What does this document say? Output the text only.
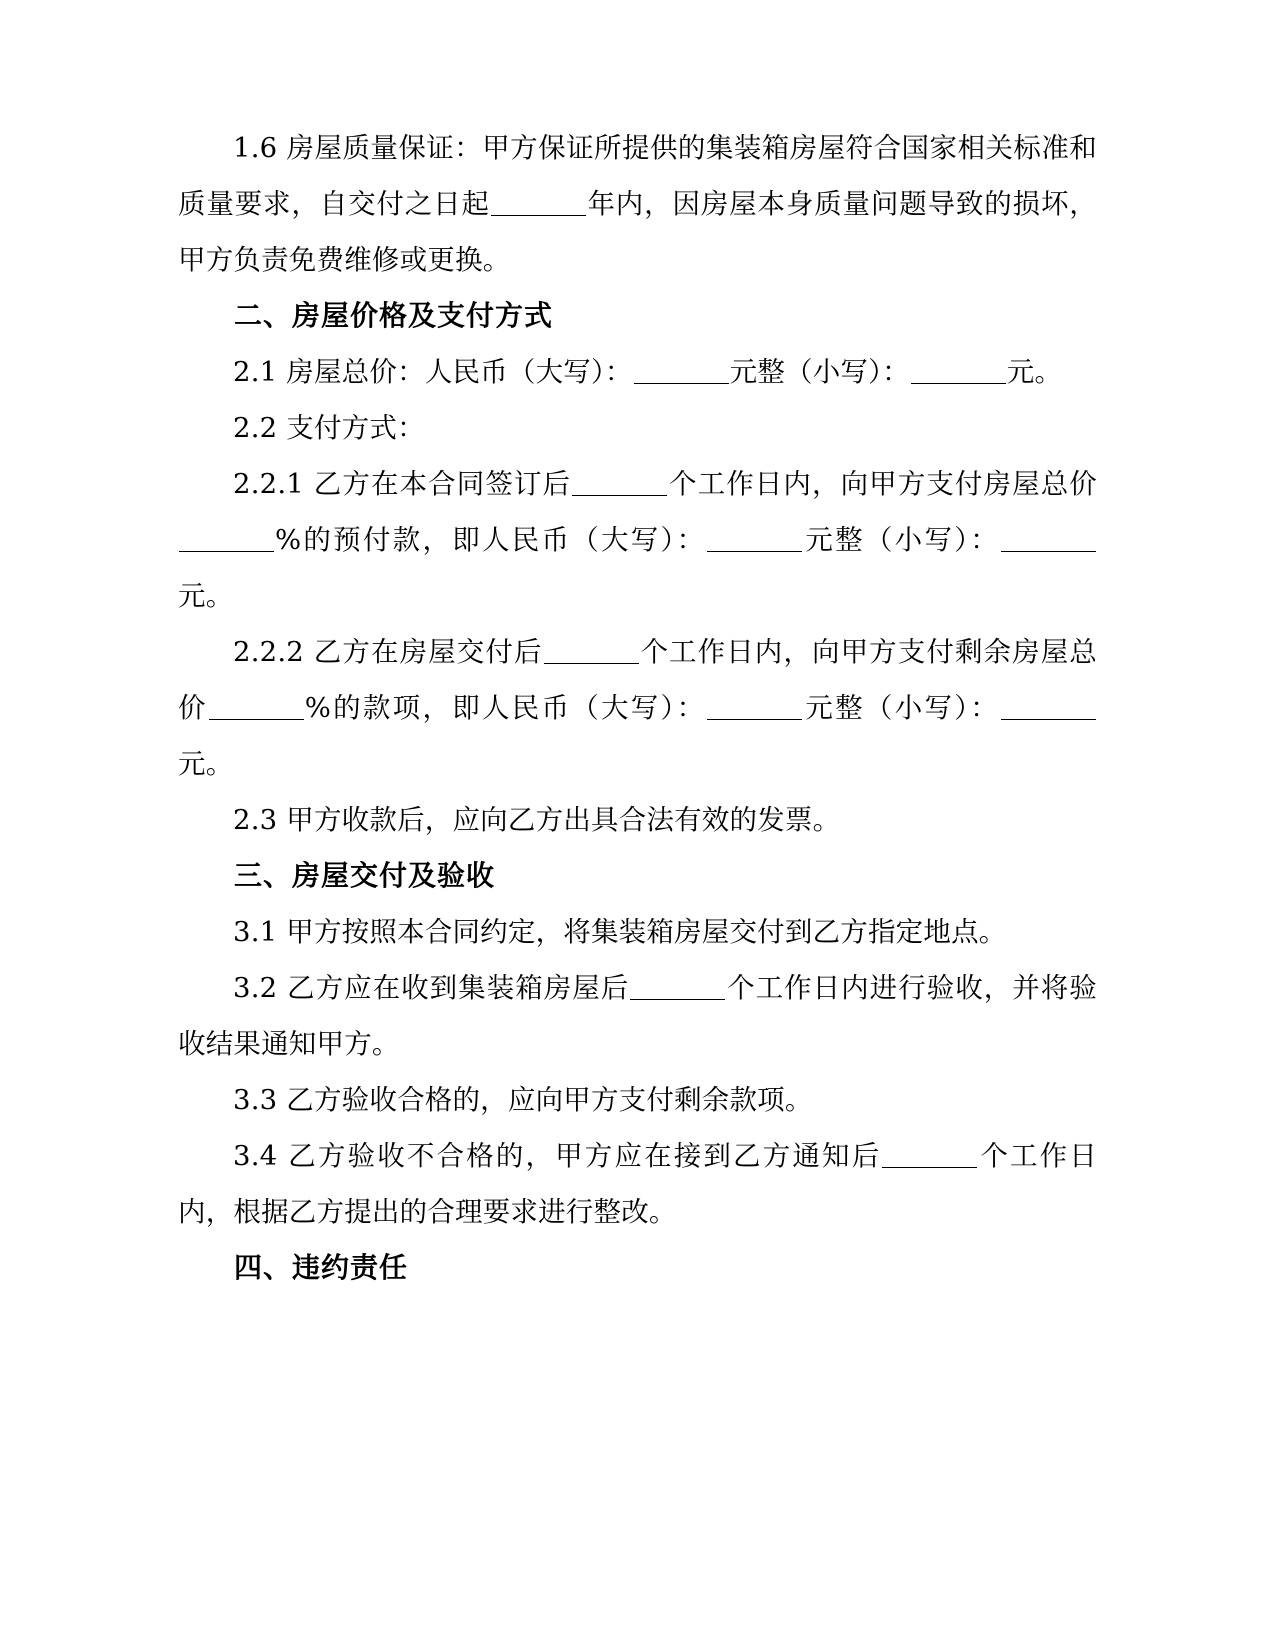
1.6 房屋质量保证：甲方保证所提供的集装箱房屋符合国家相关标准和质量要求，自交付之日起	年内，因房屋本身质量问题导致的损坏，甲方负责免费维修或更换。

二、房屋价格及支付方式

2.1 房屋总价：人民币（大写）：	元整（小写）：	元。

2.2 支付方式：

2.2.1 乙方在本合同签订后	个工作日内，向甲方支付房屋总价%的预付款，即人民币（大写）：	元整（小写）：元。

2.2.2 乙方在房屋交付后	个工作日内，向甲方支付剩余房屋总价	%的款项，即人民币（大写）：	元整（小写）：元。

2.3 甲方收款后，应向乙方出具合法有效的发票。

三、房屋交付及验收

3.1 甲方按照本合同约定，将集装箱房屋交付到乙方指定地点。

3.2 乙方应在收到集装箱房屋后	个工作日内进行验收，并将验收结果通知甲方。

3.3 乙方验收合格的，应向甲方支付剩余款项。

3.4 乙方验收不合格的，甲方应在接到乙方通知后	个工作日内，根据乙方提出的合理要求进行整改。

四、违约责任
